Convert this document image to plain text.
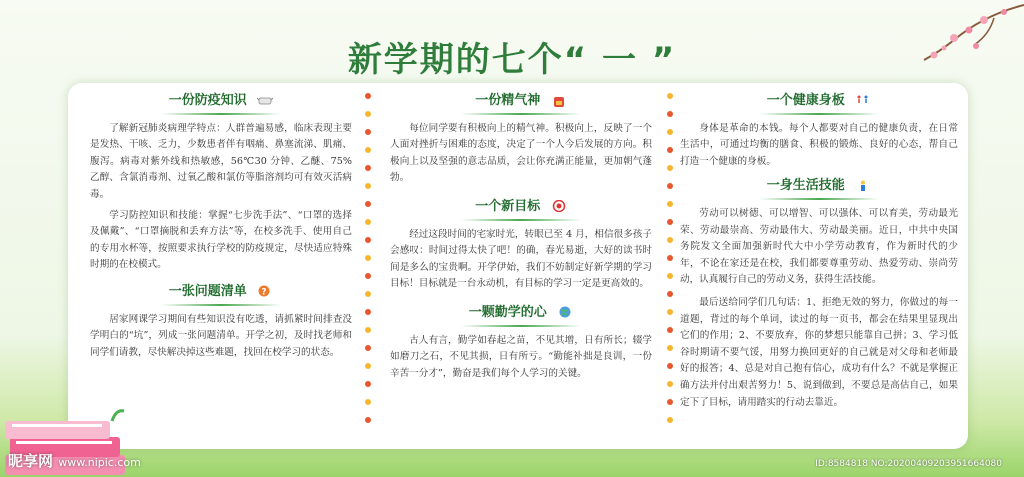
新学期的七个“ 一 ”
一份防疫知识

了解新冠肺炎病理学特点：人群普遍易感，临床表现主要是发热、干咳、乏力，少数患者伴有咽痛、鼻塞流涕、肌痛、腹泻。病毒对紫外线和热敏感，56℃30 分钟、乙醚、75% 乙醇、含氯消毒剂、过氧乙酸和氯仿等脂溶剂均可有效灭活病毒。

学习防控知识和技能：掌握“七步洗手法”、“口罩的选择及佩戴”、“口罩摘脱和丢弃方法”等，在校多洗手、使用自己的专用水杯等，按照要求执行学校的防疫规定，尽快适应特殊时期的在校模式。

一张问题清单 ?

居家网课学习期间有些知识没有吃透，请抓紧时间排查没学明白的“坑”，列成一张问题清单。开学之初，及时找老师和同学们请教，尽快解决掉这些难题，找回在校学习的状态。

一份精气神

每位同学要有积极向上的精气神。积极向上，反映了一个人面对挫折与困难的态度，决定了一个人今后发展的方向。积极向上以及坚强的意志品质，会让你充满正能量，更加朝气蓬勃。

一个新目标

经过这段时间的宅家时光，转眼已至 4 月，相信很多孩子会感叹：时间过得太快了吧！的确，春光易逝，大好的读书时间是多么的宝贵啊。开学伊始，我们不妨制定好新学期的学习目标！目标就是一台永动机，有目标的学习一定是更高效的。

一颗勤学的心

古人有言，勤学如春起之苗，不见其增，日有所长；辍学如磨刀之石，不见其损，日有所亏。“勤能补拙是良训，一份辛苦一分才”，勤奋是我们每个人学习的关键。

一个健康身板

身体是革命的本钱。每个人都要对自己的健康负责，在日常生活中，可通过均衡的膳食、积极的锻炼、良好的心态，帮自己打造一个健康的身板。

一身生活技能

劳动可以树德、可以增智、可以强体、可以育美，劳动最光荣、劳动最崇高、劳动最伟大、劳动最美丽。近日，中共中央国务院发文全面加强新时代大中小学劳动教育，作为新时代的少年，不论在家还是在校，我们都要尊重劳动、热爱劳动、崇尚劳动，认真履行自己的劳动义务，获得生活技能。

最后送给同学们几句话：1、拒绝无效的努力，你做过的每一道题，背过的每个单词，读过的每一页书，都会在结果里显现出它们的作用；2、不要放弃，你的梦想只能靠自己拼；3、学习低谷时期请不要气馁，用努力换回更好的自己就是对父母和老师最好的报答；4、总是对自己抱有信心，成功有什么？不就是掌握正确方法并付出艰苦努力！5、说到做到，不要总是高估自己，如果定下了目标，请用踏实的行动去靠近。

昵享网 www.nipic.com	ID:8584818 NO:20200409203951664080
